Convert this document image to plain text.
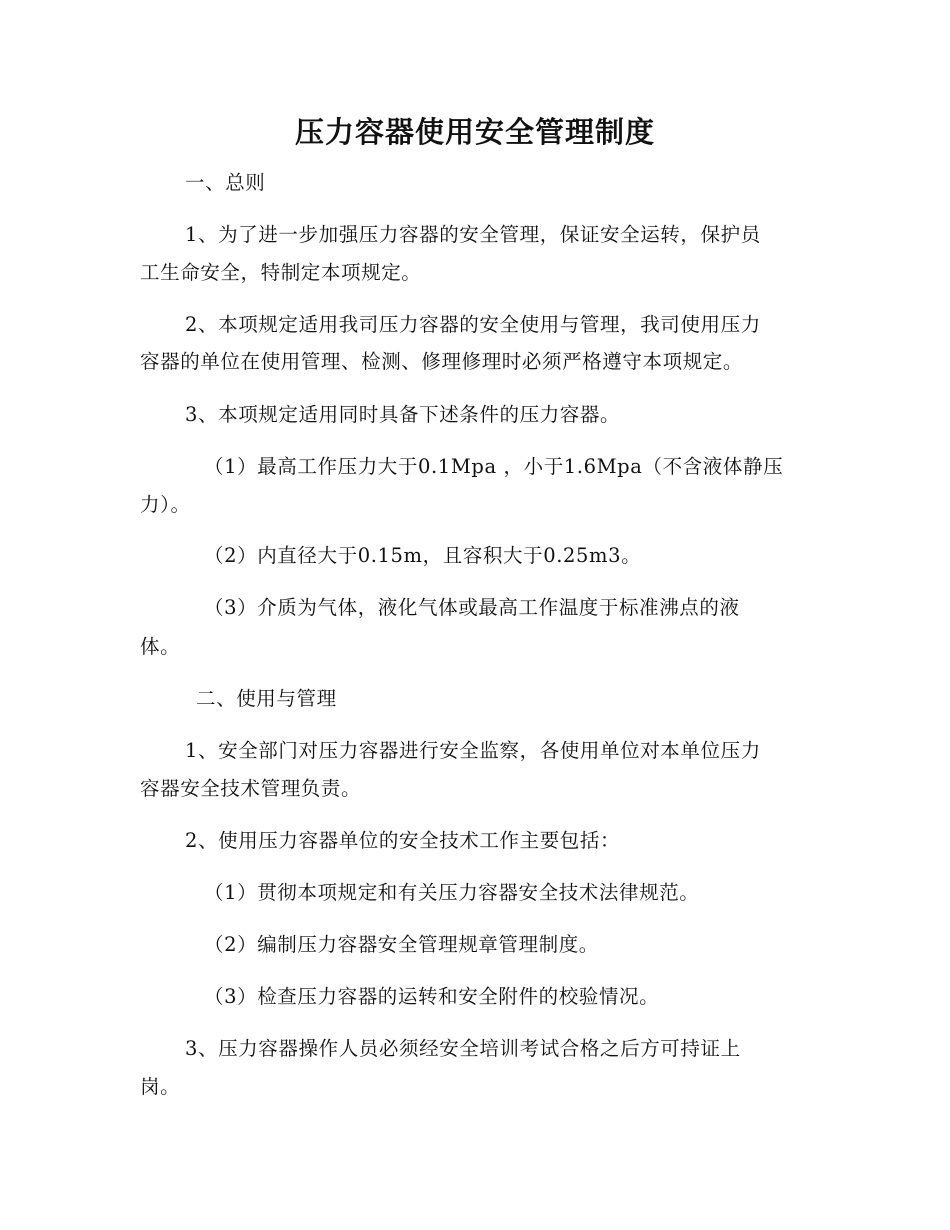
压力容器使用安全管理制度
一、总则
1、为了进一步加强压力容器的安全管理，保证安全运转，保护员
工生命安全，特制定本项规定。
2、本项规定适用我司压力容器的安全使用与管理，我司使用压力
容器的单位在使用管理、检测、修理修理时必须严格遵守本项规定。
3、本项规定适用同时具备下述条件的压力容器。
（1）最高工作压力大于0.1Mpa ，小于1.6Mpa（不含液体静压
力）。
（2）内直径大于0.15m，且容积大于0.25m3。
（3）介质为气体，液化气体或最高工作温度于标准沸点的液
体。
二、使用与管理
1、安全部门对压力容器进行安全监察，各使用单位对本单位压力
容器安全技术管理负责。
2、使用压力容器单位的安全技术工作主要包括：
（1）贯彻本项规定和有关压力容器安全技术法律规范。
（2）编制压力容器安全管理规章管理制度。
（3）检查压力容器的运转和安全附件的校验情况。
3、压力容器操作人员必须经安全培训考试合格之后方可持证上
岗。
